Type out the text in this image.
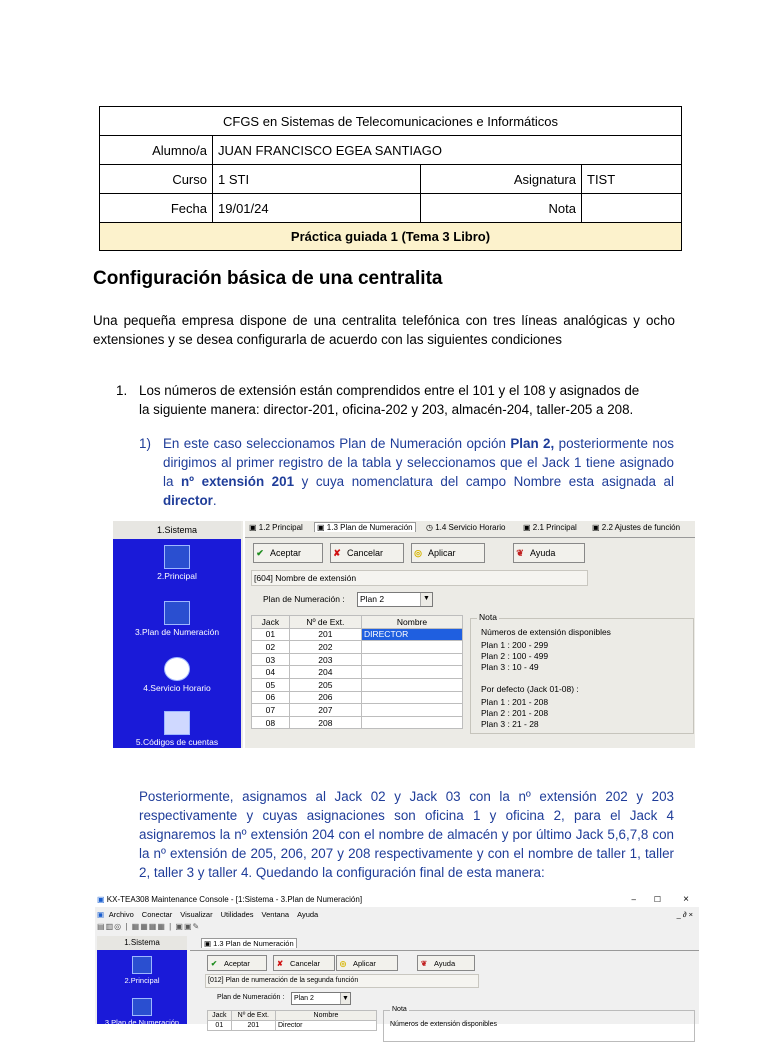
CFGS en Sistemas de Telecomunicaciones e Informáticos			
Alumno/a	JUAN FRANCISCO EGEA SANTIAGO		
Curso	1 STI	Asignatura	TIST
Fecha	19/01/24	Nota	
Práctica guiada 1 (Tema 3 Libro)			
Configuración básica de una centralita
Una pequeña empresa dispone de una centralita telefónica con tres líneas analógicas y ocho extensiones y se desea configurarla de acuerdo con las siguientes condiciones
1. Los números de extensión están comprendidos entre el 101 y el 108 y asignados de
la siguiente manera: director-201, oficina-202 y 203, almacén-204, taller-205 a 208.
1) En este caso seleccionamos Plan de Numeración opción Plan 2, posteriormente nos dirigimos al primer registro de la tabla y seleccionamos que el Jack 1 tiene asignado la nº extensión 201 y cuya nomenclatura del campo Nombre esta asignada al director.
1.Sistema
2.Principal
3.Plan de Numeración
4.Servicio Horario
5.Códigos de cuentas
▣ 1.2 Principal	▣ 1.3 Plan de Numeración	◷ 1.4 Servicio Horario ▣ 2.1 Principal ▣ 2.2 Ajustes de función
✔ Aceptar	✘ Cancelar	◎ Aplicar	❦ Ayuda
[604] Nombre de extensión
Plan de Numeración :	Plan 2	▼
Jack	Nº de Ext.	Nombre
01	201	DIRECTOR
02	202	
03	203	
04	204	
05	205	
06	206	
07	207	
08	208	
Nota
Números de extensión disponibles
Plan 1 : 200 - 299
Plan 2 : 100 - 499
Plan 3 : 10 - 49
Por defecto (Jack 01-08) :
Plan 1 : 201 - 208
Plan 2 : 201 - 208
Plan 3 : 21 - 28
Posteriormente, asignamos al Jack 02 y Jack 03 con la nº extensión 202 y 203 respectivamente y cuyas asignaciones son oficina 1 y oficina 2, para el Jack 4 asignaremos la nº extensión 204 con el nombre de almacén y por último Jack 5,6,7,8 con la nº extensión de 205, 206, 207 y 208 respectivamente y con el nombre de taller 1, taller 2, taller 3 y taller 4. Quedando la configuración final de esta manera:
▣ KX-TEA308 Maintenance Console - [1:Sistema - 3.Plan de Numeración]	– ☐ ×
▣ Archivo Conectar Visualizar Utilidades Ventana Ayuda	_ ∂ ×
▤▥◎ | ▦▦▦▦ | ▣▣✎
1.Sistema
2.Principal
3.Plan de Numeración
▣ 1.3 Plan de Numeración
✔ Aceptar	✘ Cancelar	◎ Aplicar	❦ Ayuda
[012] Plan de numeración de la segunda función
Plan de Numeración :	Plan 2	▼
Jack	Nº de Ext.	Nombre
01	201	Director
Nota
Números de extensión disponibles
